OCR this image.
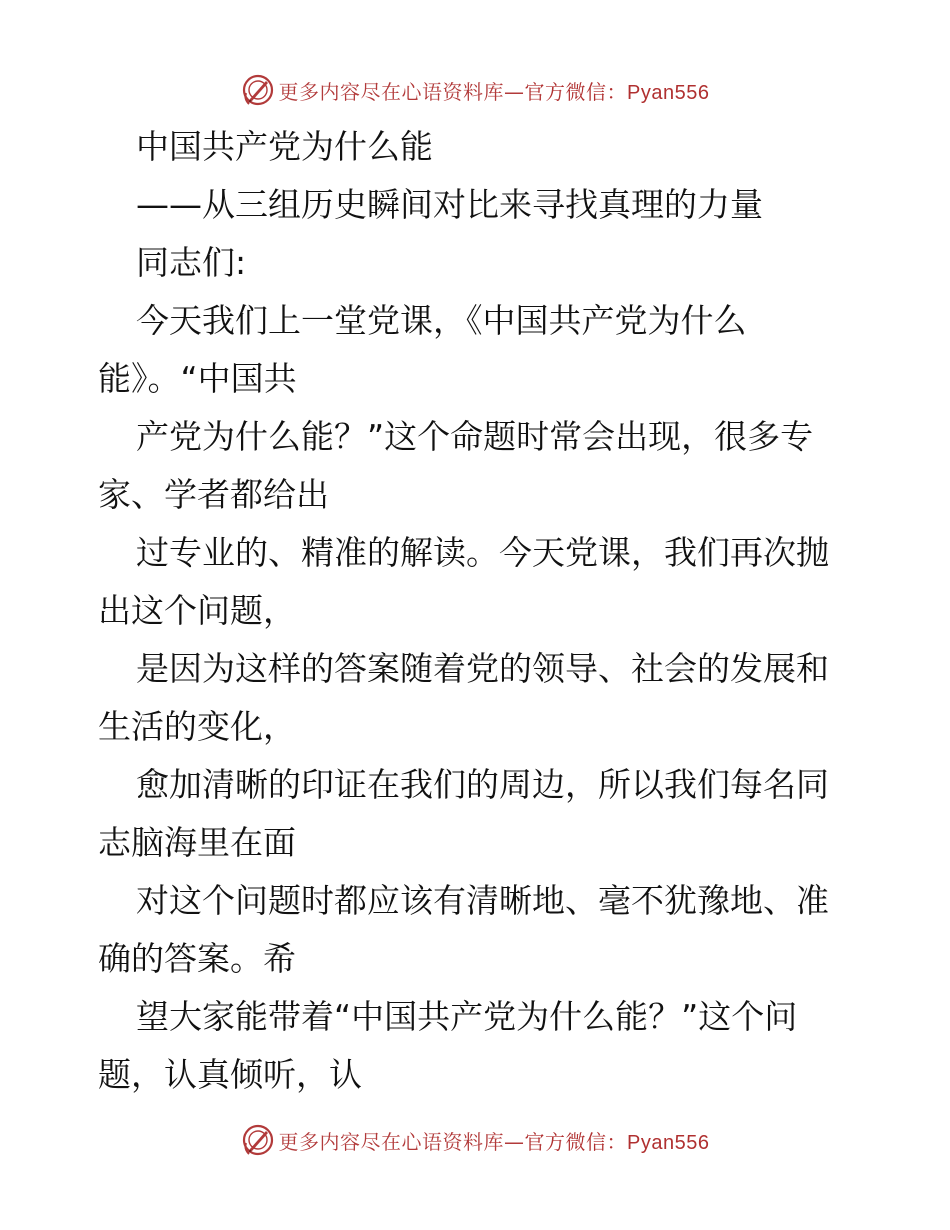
更多内容尽在心语资料库—官方微信：Pyan556
中国共产党为什么能
——从三组历史瞬间对比来寻找真理的力量
同志们:
今天我们上一堂党课，《中国共产党为什么
能》。“中国共
产党为什么能？”这个命题时常会出现，很多专
家、学者都给出
过专业的、精准的解读。今天党课，我们再次抛
出这个问题，
是因为这样的答案随着党的领导、社会的发展和
生活的变化，
愈加清晰的印证在我们的周边，所以我们每名同
志脑海里在面
对这个问题时都应该有清晰地、毫不犹豫地、准
确的答案。希
望大家能带着“中国共产党为什么能？”这个问
题，认真倾听，认
更多内容尽在心语资料库—官方微信：Pyan556
